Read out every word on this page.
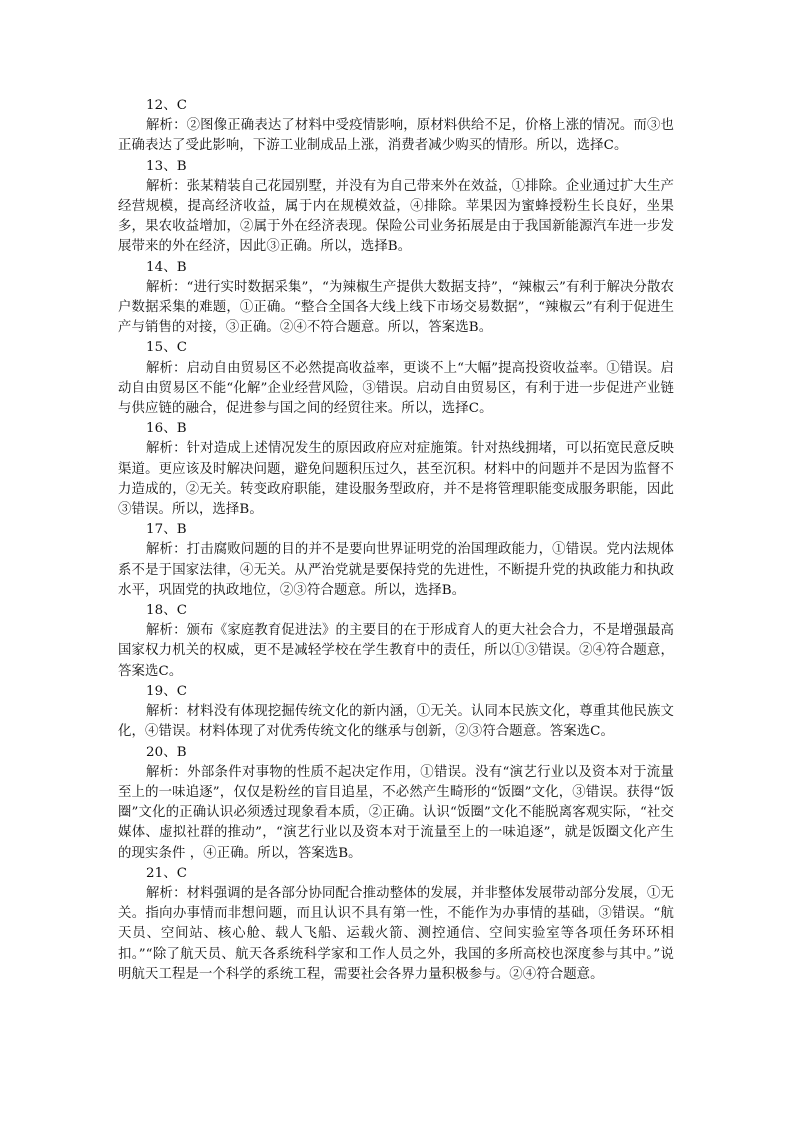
12、C

解析：②图像正确表达了材料中受疫情影响，原材料供给不足，价格上涨的情况。而③也正确表达了受此影响，下游工业制成品上涨，消费者减少购买的情形。所以，选择C。

13、B

解析：张某精装自己花园别墅，并没有为自己带来外在效益，①排除。企业通过扩大生产经营规模，提高经济收益，属于内在规模效益，④排除。苹果因为蜜蜂授粉生长良好，坐果多，果农收益增加，②属于外在经济表现。保险公司业务拓展是由于我国新能源汽车进一步发展带来的外在经济，因此③正确。所以，选择B。

14、B

解析：“进行实时数据采集”，“为辣椒生产提供大数据支持”，“辣椒云”有利于解决分散农户数据采集的难题，①正确。“整合全国各大线上线下市场交易数据”，“辣椒云”有利于促进生产与销售的对接，③正确。②④不符合题意。所以，答案选B。

15、C

解析：启动自由贸易区不必然提高收益率，更谈不上“大幅”提高投资收益率。①错误。启动自由贸易区不能“化解”企业经营风险，③错误。启动自由贸易区，有利于进一步促进产业链与供应链的融合，促进参与国之间的经贸往来。所以，选择C。

16、B

解析：针对造成上述情况发生的原因政府应对症施策。针对热线拥堵，可以拓宽民意反映渠道。更应该及时解决问题，避免问题积压过久，甚至沉积。材料中的问题并不是因为监督不力造成的，②无关。转变政府职能，建设服务型政府，并不是将管理职能变成服务职能，因此③错误。所以，选择B。

17、B

解析：打击腐败问题的目的并不是要向世界证明党的治国理政能力，①错误。党内法规体系不是于国家法律，④无关。从严治党就是要保持党的先进性，不断提升党的执政能力和执政水平，巩固党的执政地位，②③符合题意。所以，选择B。

18、C

解析：颁布《家庭教育促进法》的主要目的在于形成育人的更大社会合力，不是增强最高国家权力机关的权威，更不是减轻学校在学生教育中的责任，所以①③错误。②④符合题意，答案选C。

19、C

解析：材料没有体现挖掘传统文化的新内涵，①无关。认同本民族文化，尊重其他民族文化，④错误。材料体现了对优秀传统文化的继承与创新，②③符合题意。答案选C。

20、B

解析：外部条件对事物的性质不起决定作用，①错误。没有“演艺行业以及资本对于流量至上的一味追逐”，仅仅是粉丝的盲目追星，不必然产生畸形的“饭圈”文化，③错误。获得“饭圈”文化的正确认识必须透过现象看本质，②正确。认识“饭圈”文化不能脱离客观实际，“社交媒体、虚拟社群的推动”，“演艺行业以及资本对于流量至上的一味追逐”，就是饭圈文化产生的现实条件 ，④正确。所以，答案选B。

21、C

解析：材料强调的是各部分协同配合推动整体的发展，并非整体发展带动部分发展，①无关。指向办事情而非想问题，而且认识不具有第一性，不能作为办事情的基础，③错误。“航天员、空间站、核心舱、载人飞船、运载火箭、测控通信、空间实验室等各项任务环环相扣。”“除了航天员、航天各系统科学家和工作人员之外，我国的多所高校也深度参与其中。”说明航天工程是一个科学的系统工程，需要社会各界力量积极参与。②④符合题意。
